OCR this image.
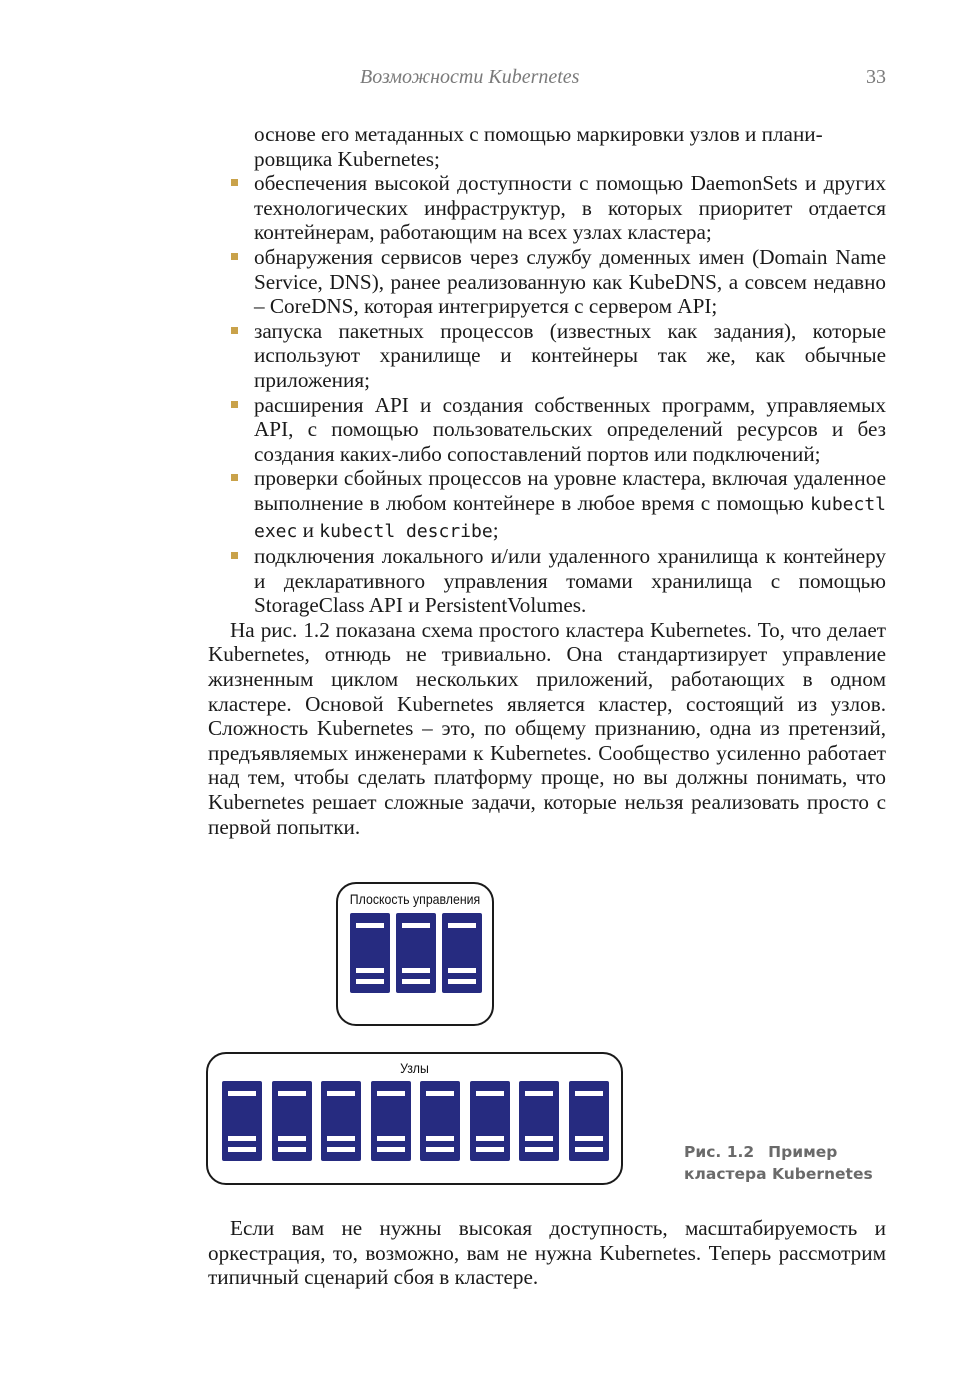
Возможности Kubernetes	33
основе его метаданных с помощью маркировки узлов и плани-
ровщика Kubernetes;
обеспечения высокой доступности с помощью DaemonSets и других технологических инфраструктур, в которых приоритет отдается контейнерам, работающим на всех узлах кластера;
обнаружения сервисов через службу доменных имен (Domain Name Service, DNS), ранее реализованную как KubeDNS, а совсем недавно – CoreDNS, которая интегрируется с сервером API;
запуска пакетных процессов (известных как задания), которые используют хранилище и контейнеры так же, как обычные приложения;
расширения API и создания собственных программ, управляемых API, с помощью пользовательских определений ресурсов и без создания каких-либо сопоставлений портов или подключений;
проверки сбойных процессов на уровне кластера, включая удаленное выполнение в любом контейнере в любое время с помощью kubectl exec и kubectl describe;
подключения локального и/или удаленного хранилища к контейнеру и декларативного управления томами хранилища с помощью StorageClass API и PersistentVolumes.

На рис. 1.2 показана схема простого кластера Kubernetes. То, что делает Kubernetes, отнюдь не тривиально. Она стандартизирует управление жизненным циклом нескольких приложений, работающих в одном кластере. Основой Kubernetes является кластер, состоящий из узлов. Сложность Kubernetes – это, по общему признанию, одна из претензий, предъявляемых инженерами к Kubernetes. Сообщество усиленно работает над тем, чтобы сделать платформу проще, но вы должны понимать, что Kubernetes решает сложные задачи, которые нельзя реализовать просто с первой попытки.

Плоскость управления
Узлы
Рис. 1.2 Пример кластера Kubernetes

Если вам не нужны высокая доступность, масштабируемость и оркестрация, то, возможно, вам не нужна Kubernetes. Теперь рассмотрим типичный сценарий сбоя в кластере.
